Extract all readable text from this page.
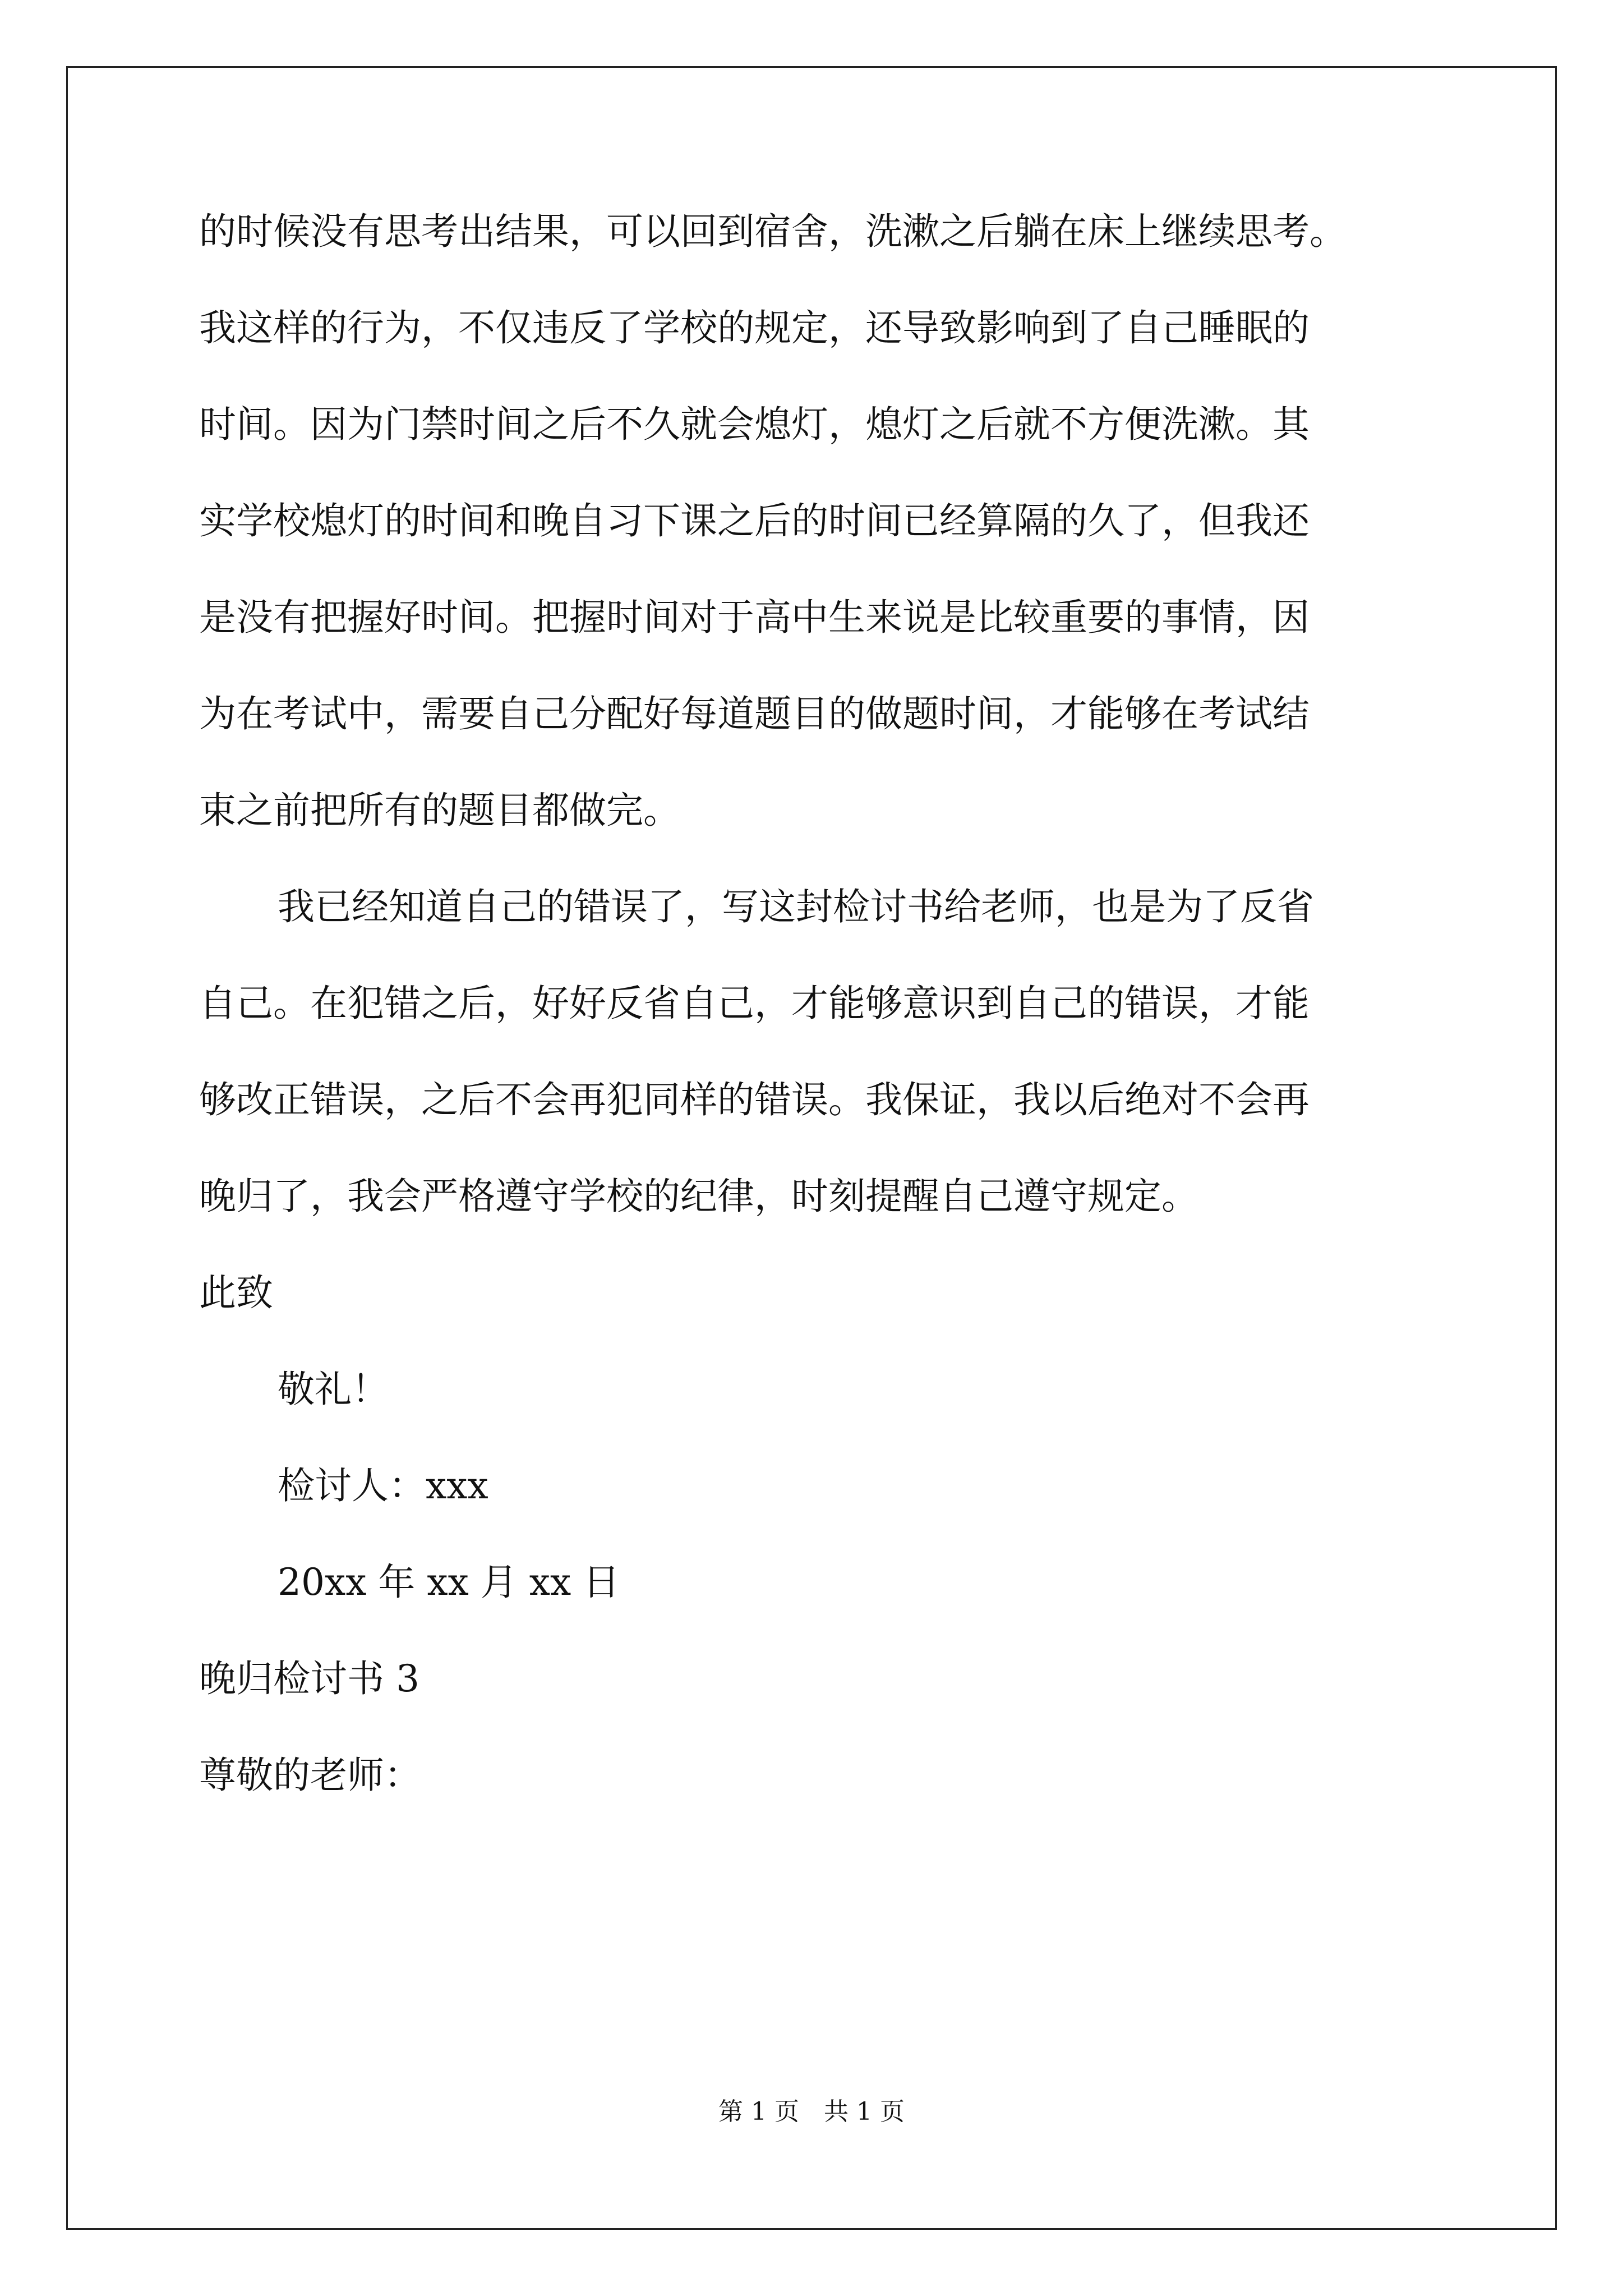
的时候没有思考出结果，可以回到宿舍，洗漱之后躺在床上继续思考。
我这样的行为，不仅违反了学校的规定，还导致影响到了自己睡眠的
时间。因为门禁时间之后不久就会熄灯，熄灯之后就不方便洗漱。其
实学校熄灯的时间和晚自习下课之后的时间已经算隔的久了，但我还
是没有把握好时间。把握时间对于高中生来说是比较重要的事情，因
为在考试中，需要自己分配好每道题目的做题时间，才能够在考试结
束之前把所有的题目都做完。
我已经知道自己的错误了，写这封检讨书给老师，也是为了反省
自己。在犯错之后，好好反省自己，才能够意识到自己的错误，才能
够改正错误，之后不会再犯同样的错误。我保证，我以后绝对不会再
晚归了，我会严格遵守学校的纪律，时刻提醒自己遵守规定。
此致
敬礼！
检讨人：xxx
20xx 年 xx 月 xx 日
晚归检讨书 3
尊敬的老师：
第 1 页　共 1 页
